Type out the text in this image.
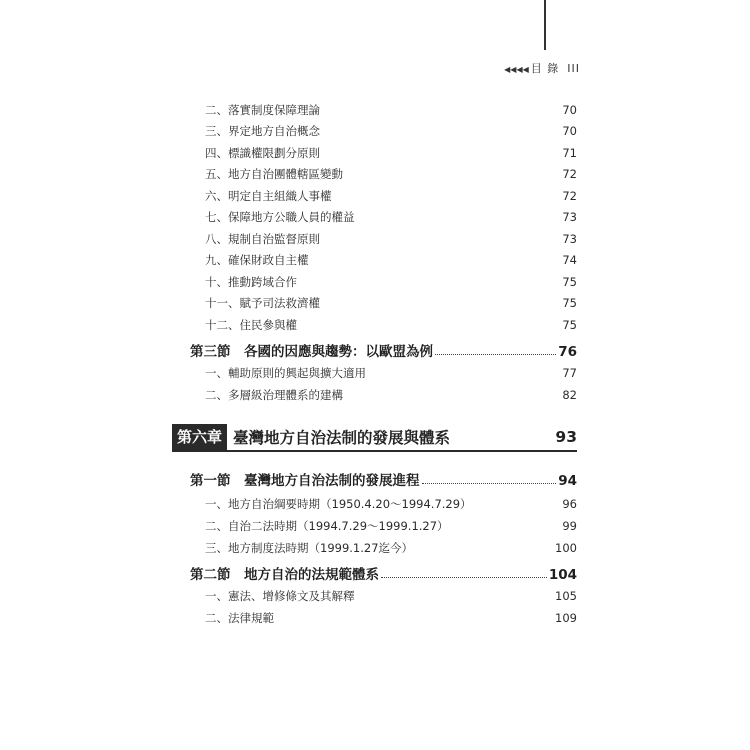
◀◀◀◀ 目 錄 III
二、落實制度保障理論	70
三、界定地方自治概念	70
四、標識權限劃分原則	71
五、地方自治團體轄區變動	72
六、明定自主組織人事權	72
七、保障地方公職人員的權益	73
八、規制自治監督原則	73
九、確保財政自主權	74
十、推動跨域合作	75
十一、賦予司法救濟權	75
十二、住民參與權	75
第三節　各國的因應與趨勢：以歐盟為例	76
一、輔助原則的興起與擴大適用	77
二、多層級治理體系的建構	82
第六章 臺灣地方自治法制的發展與體系	93
第一節　臺灣地方自治法制的發展進程	94
一、地方自治綱要時期（1950.4.20～1994.7.29）	96
二、自治二法時期（1994.7.29～1999.1.27）	99
三、地方制度法時期（1999.1.27迄今）	100
第二節　地方自治的法規範體系	104
一、憲法、增修條文及其解釋	105
二、法律規範	109
